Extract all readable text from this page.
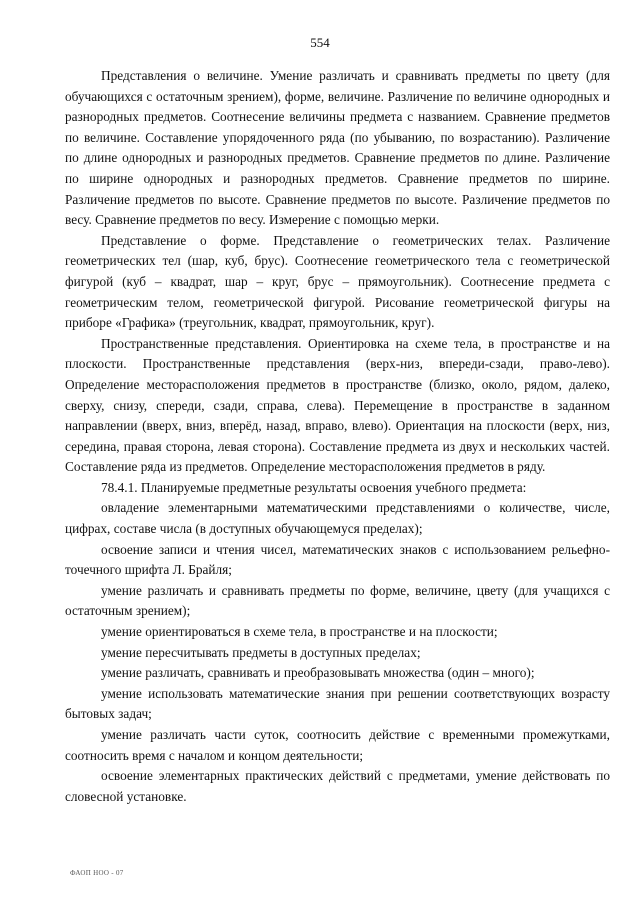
554

Представления о величине. Умение различать и сравнивать предметы по цвету (для обучающихся с остаточным зрением), форме, величине. Различение по величине однородных и разнородных предметов. Соотнесение величины предмета с названием. Сравнение предметов по величине. Составление упорядоченного ряда (по убыванию, по возрастанию). Различение по длине однородных и разнородных предметов. Сравнение предметов по длине. Различение по ширине однородных и разнородных предметов. Сравнение предметов по ширине. Различение предметов по высоте. Сравнение предметов по высоте. Различение предметов по весу. Сравнение предметов по весу. Измерение с помощью мерки.

Представление о форме. Представление о геометрических телах. Различение геометрических тел (шар, куб, брус). Соотнесение геометрического тела с геометрической фигурой (куб – квадрат, шар – круг, брус – прямоугольник). Соотнесение предмета с геометрическим телом, геометрической фигурой. Рисование геометрической фигуры на приборе «Графика» (треугольник, квадрат, прямоугольник, круг).

Пространственные представления. Ориентировка на схеме тела, в пространстве и на плоскости. Пространственные представления (верх-низ, впереди-сзади, право-лево). Определение месторасположения предметов в пространстве (близко, около, рядом, далеко, сверху, снизу, спереди, сзади, справа, слева). Перемещение в пространстве в заданном направлении (вверх, вниз, вперёд, назад, вправо, влево). Ориентация на плоскости (верх, низ, середина, правая сторона, левая сторона). Составление предмета из двух и нескольких частей. Составление ряда из предметов. Определение месторасположения предметов в ряду.

78.4.1. Планируемые предметные результаты освоения учебного предмета:

овладение элементарными математическими представлениями о количестве, числе, цифрах, составе числа (в доступных обучающемуся пределах);

освоение записи и чтения чисел, математических знаков с использованием рельефно-точечного шрифта Л. Брайля;

умение различать и сравнивать предметы по форме, величине, цвету (для учащихся с остаточным зрением);

умение ориентироваться в схеме тела, в пространстве и на плоскости;

умение пересчитывать предметы в доступных пределах;

умение различать, сравнивать и преобразовывать множества (один – много);

умение использовать математические знания при решении соответствующих возрасту бытовых задач;

умение различать части суток, соотносить действие с временными промежутками, соотносить время с началом и концом деятельности;

освоение элементарных практических действий с предметами, умение действовать по словесной установке.

ФАОП НОО - 07
